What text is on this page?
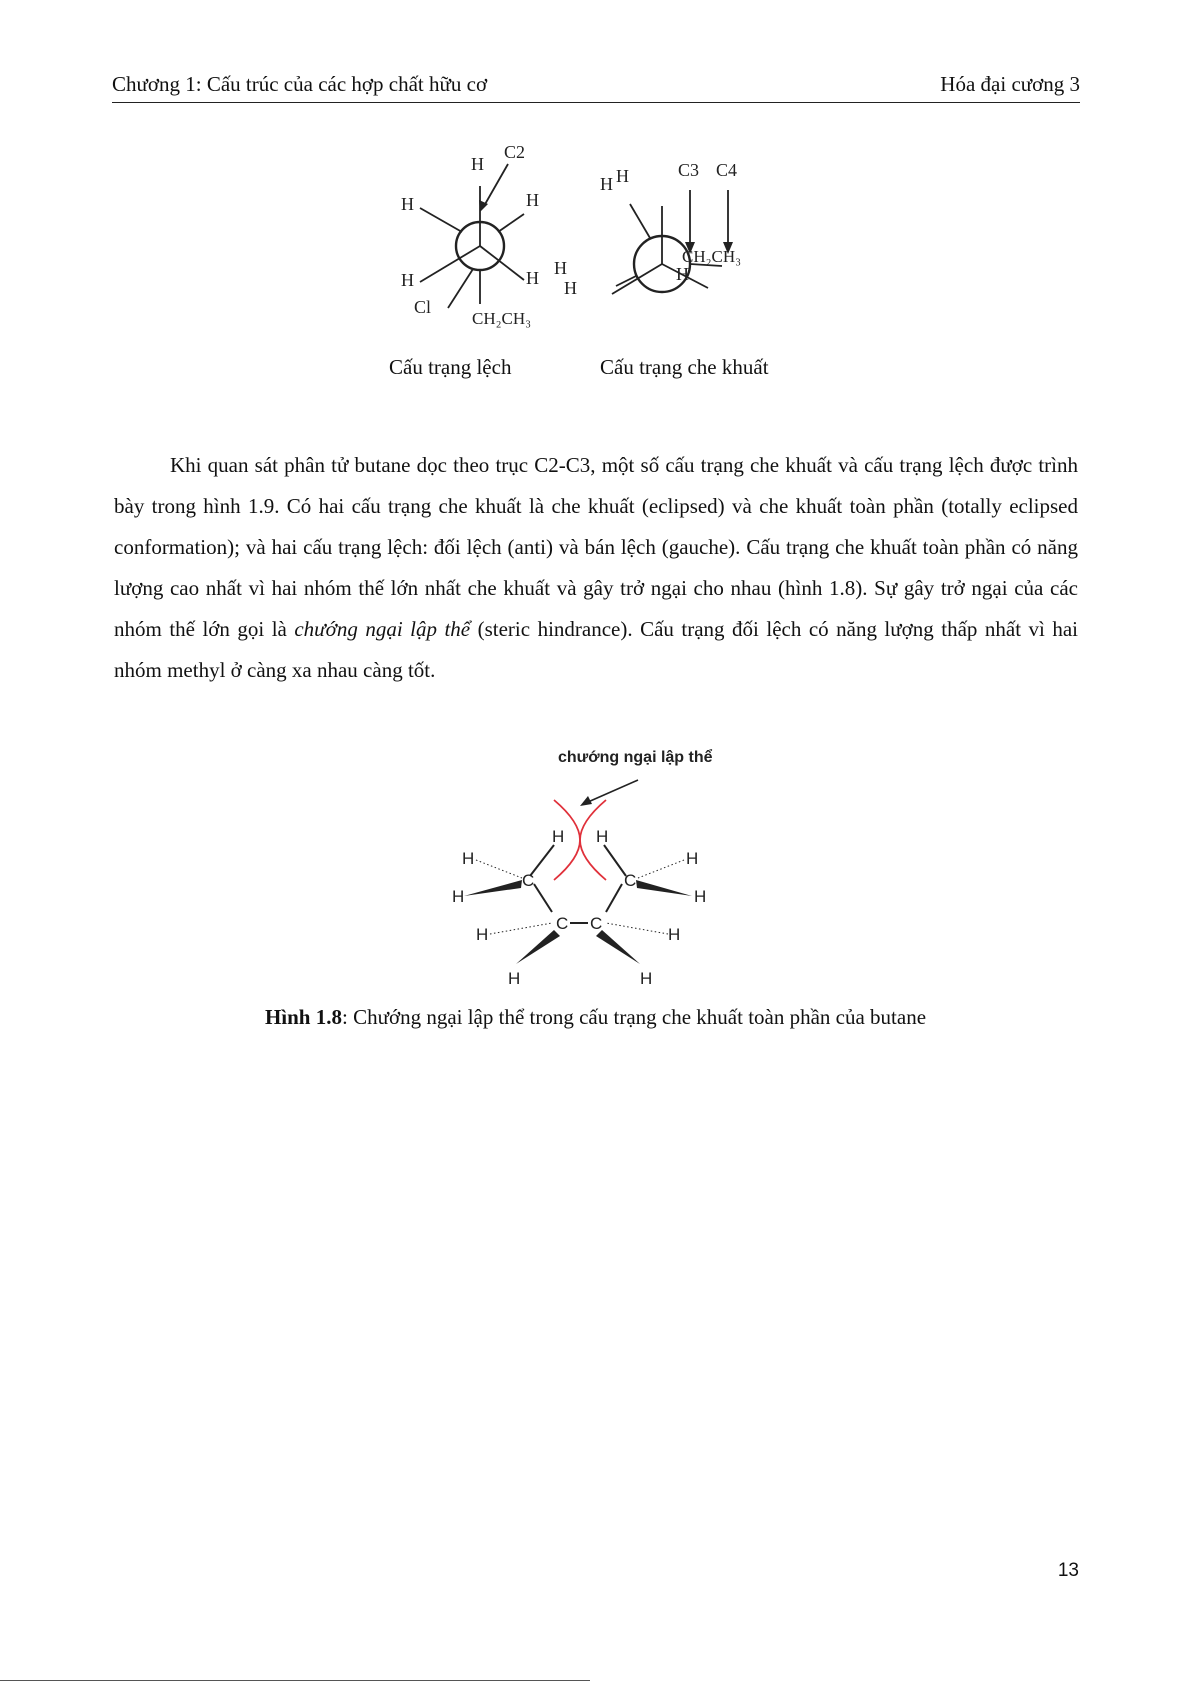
Chương 1: Cấu trúc của các hợp chất hữu cơ	Hóa đại cương 3
H
C2
H	H
H	H
Cl
CH₂CH₃
H H	C3 C4
H
H
CH₂CH₃
H
Cấu trạng lệch	Cấu trạng che khuất

Khi quan sát phân tử butane dọc theo trục C2-C3, một số cấu trạng che khuất và cấu trạng lệch được trình bày trong hình 1.9. Có hai cấu trạng che khuất là che khuất (eclipsed) và che khuất toàn phần (totally eclipsed conformation); và hai cấu trạng lệch: đối lệch (anti) và bán lệch (gauche). Cấu trạng che khuất toàn phần có năng lượng cao nhất vì hai nhóm thế lớn nhất che khuất và gây trở ngại cho nhau (hình 1.8). Sự gây trở ngại của các nhóm thế lớn gọi là chướng ngại lập thể (steric hindrance). Cấu trạng đối lệch có năng lượng thấp nhất vì hai nhóm methyl ở càng xa nhau càng tốt.

chướng ngại lập thể
H H
H
H
C	C
H
H
C C
H	H
H	H
Hình 1.8: Chướng ngại lập thể trong cấu trạng che khuất toàn phần của butane
13
